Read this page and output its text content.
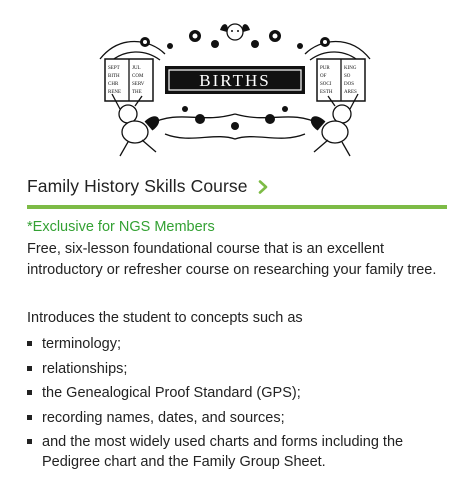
SEPT
BITH
CHR
RENE
JUL
COM
SERV
THE
PUR
OF
SOCI
ESTH
KING
SO
DOS
ARES
BIRTHS
Family History Skills Course
*Exclusive for NGS Members
Free, six-lesson foundational course that is an excellent introductory or refresher course on researching your family tree.
Introduces the student to concepts such as
terminology;
relationships;
the Genealogical Proof Standard (GPS);
recording names, dates, and sources;
and the most widely used charts and forms including the Pedigree chart and the Family Group Sheet.
